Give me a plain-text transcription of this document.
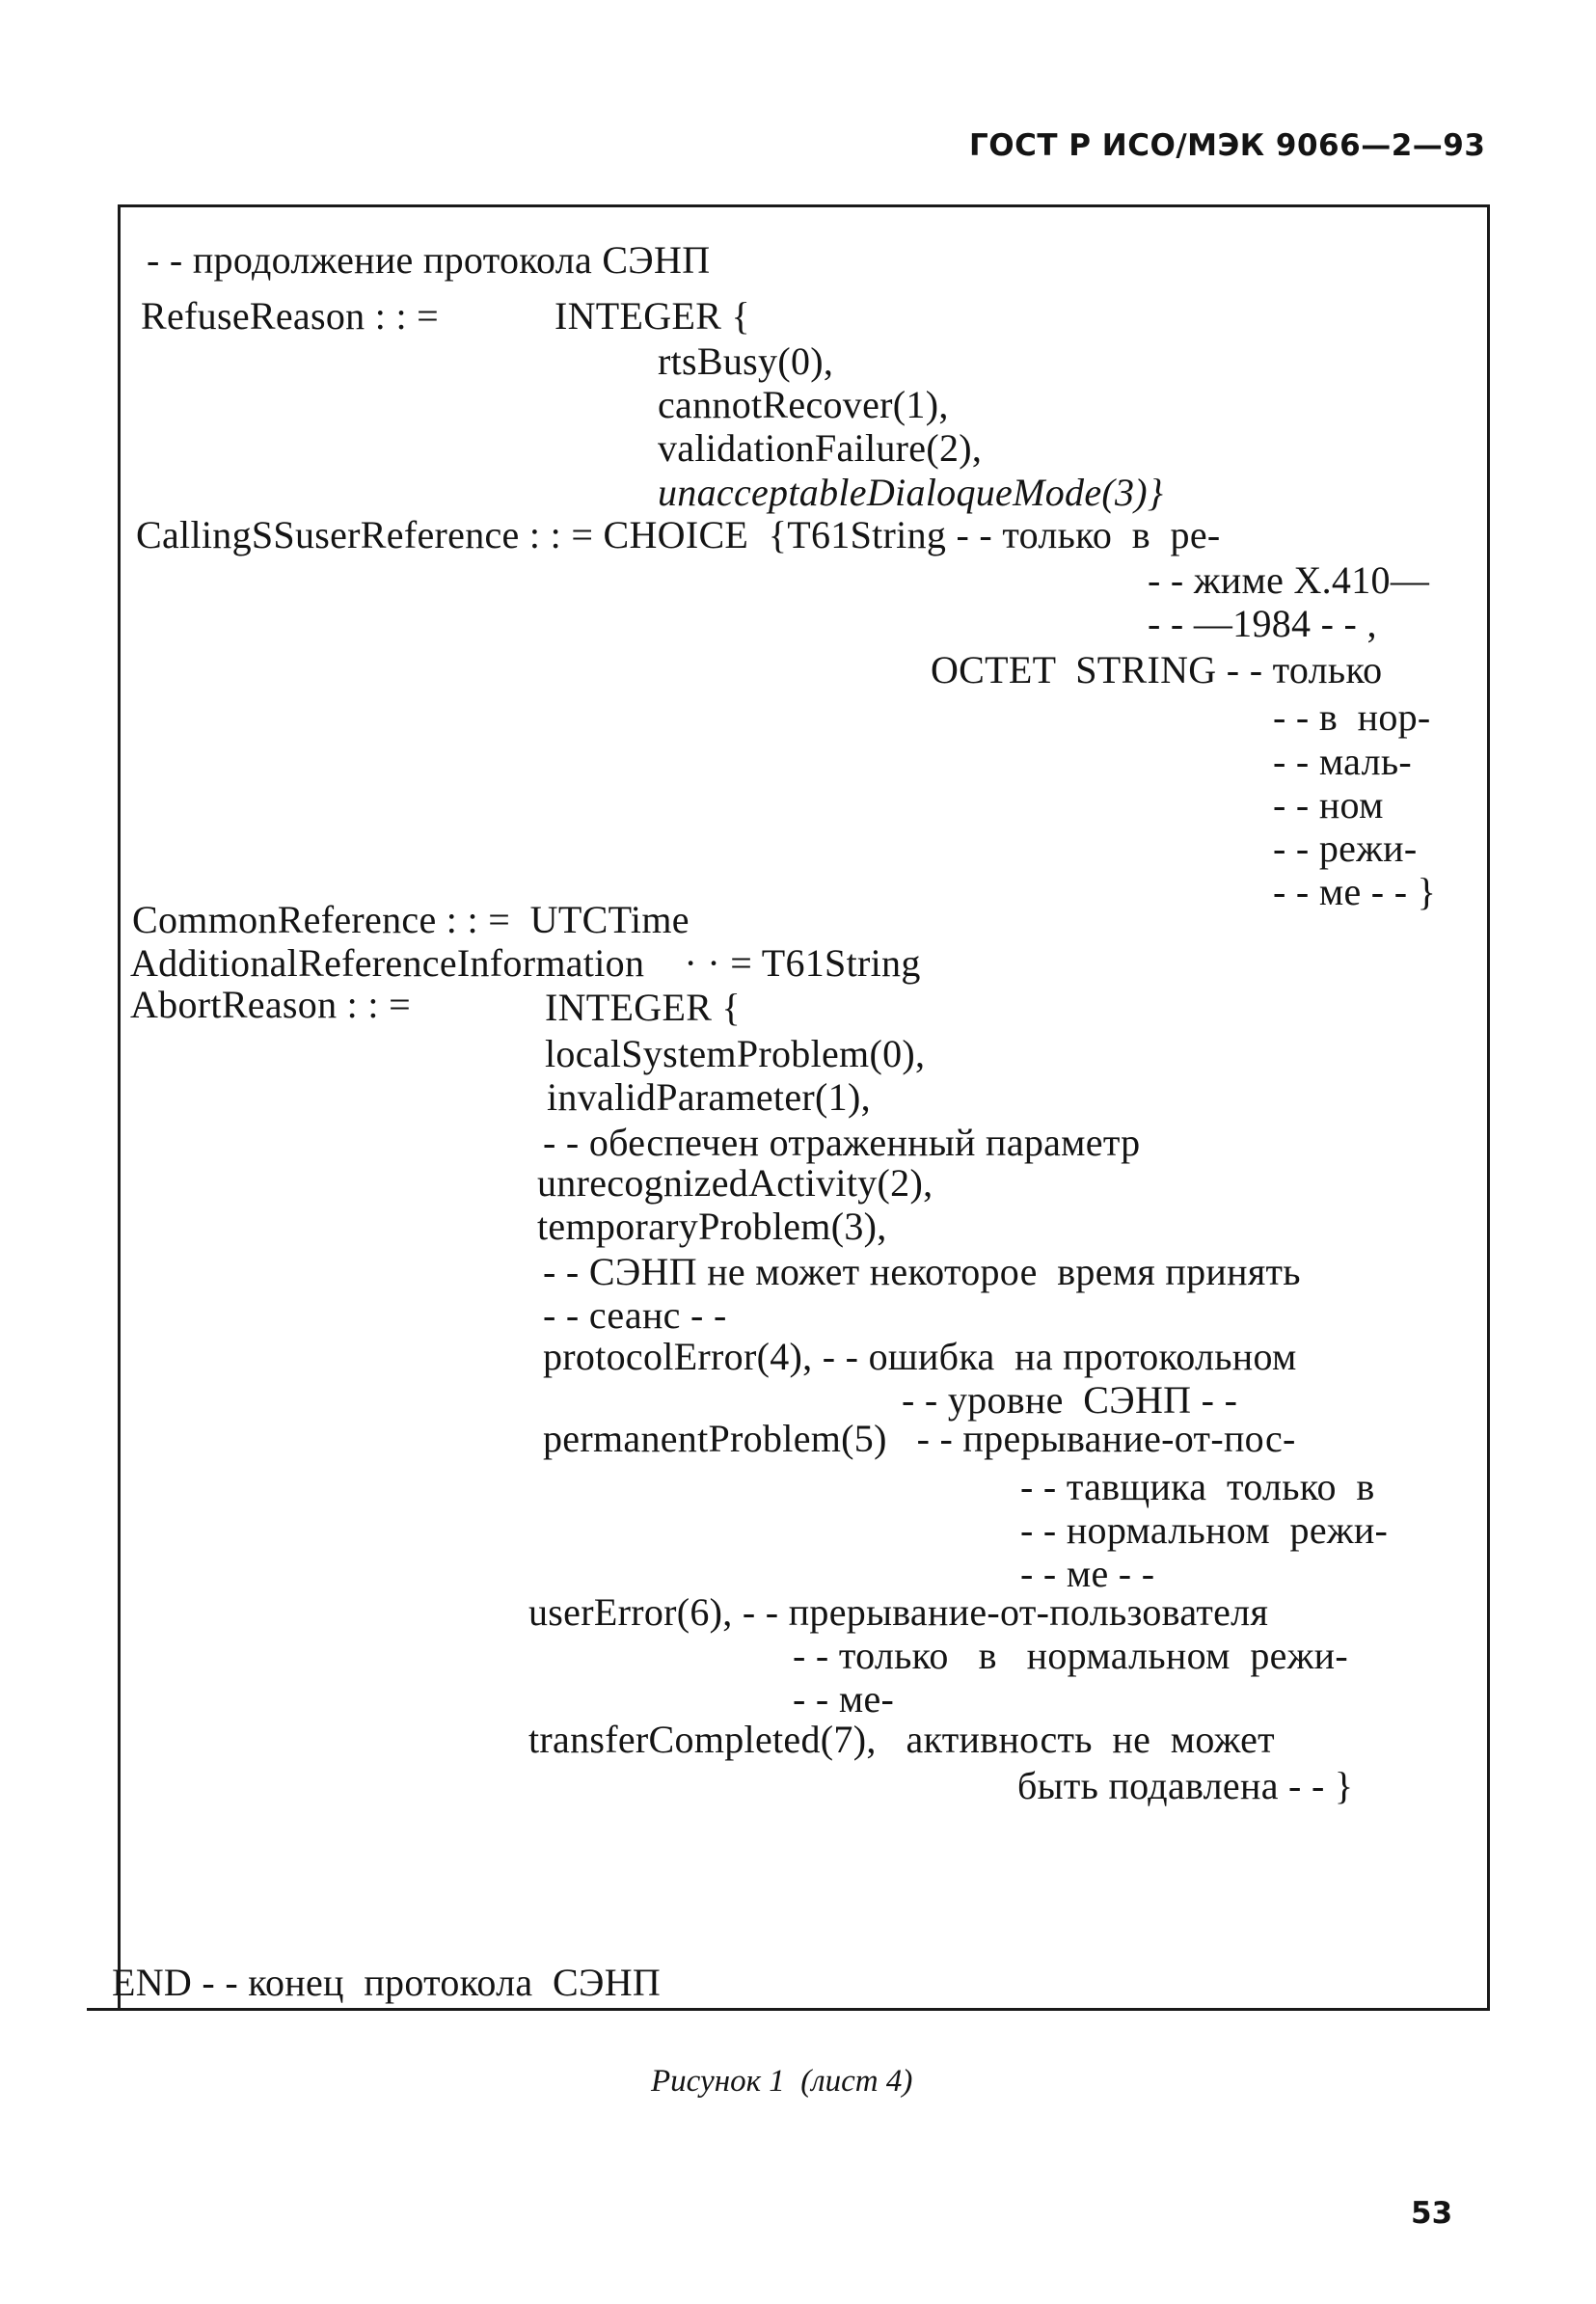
ГОСТ Р ИСО/МЭК 9066—2—93
- - продолжение протокола СЭНП
RefuseReason : : =	INTEGER {
rtsBusy(0),
cannotRecover(1),
validationFailure(2),
unacceptableDialoqueMode(3)}
CallingSSuserReference : : = CHOICE  {T61String - - только  в  ре-
- - жиме X.410—
- - —1984 - - ,
OCTET  STRING - - только
- - в  нор-
- - маль-
- - ном
- - режи-
- - ме - - }
CommonReference : : =  UTCTime
AdditionalReferenceInformation    · · = T61String
AbortReason : : =	INTEGER {
localSystemProblem(0),
invalidParameter(1),
- - обеспечен отраженный параметр
unrecognizedActivity(2),
temporaryProblem(3),
- - СЭНП не может некоторое  время принять
- - сеанс - -
protocolError(4), - - ошибка  на протокольном
- - уровне  СЭНП - -
permanentProblem(5)   - - прерывание-от-пос-
- - тавщика  только  в
- - нормальном  режи-
- - ме - -
userError(6), - - прерывание-от-пользователя
- - только   в   нормальном  режи-
- - ме-
transferCompleted(7),   активность  не  может
быть подавлена - - }
END - - конец  протокола  СЭНП
Рисунок 1  (лист 4)
53
